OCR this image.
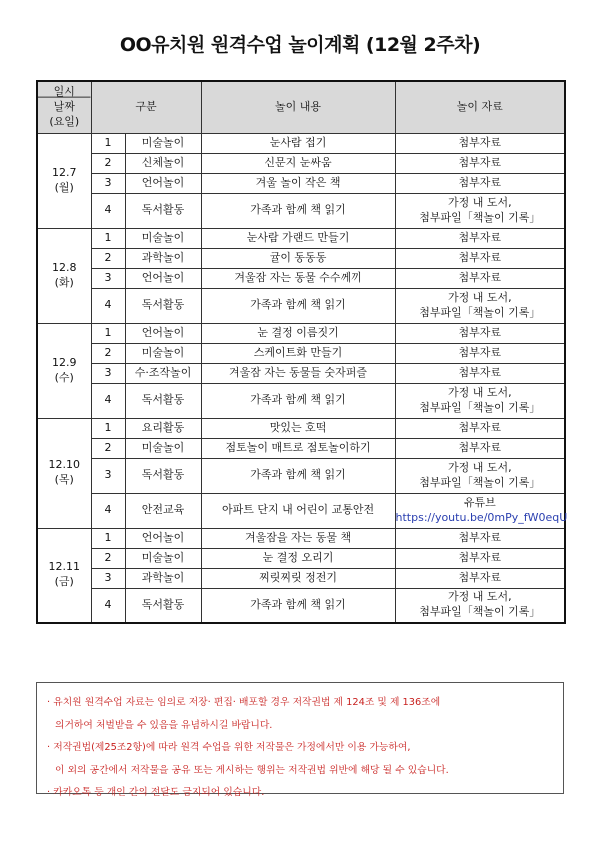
OO유치원 원격수업 놀이계획 (12월 2주차)
일시
날짜
(요일)	구분		놀이 내용	놀이 자료

12.7
(월)	1	미술놀이	눈사람 접기	첨부자료

	2	신체놀이	신문지 눈싸움	첨부자료

	3	언어놀이	겨울 놀이 작은 책	첨부자료

	4	독서활동	가족과 함께 책 읽기	가정 내 도서,
첨부파일「책놀이 기록」

12.8
(화)	1	미술놀이	눈사람 가랜드 만들기	첨부자료

	2	과학놀이	귤이 동동동	첨부자료

	3	언어놀이	겨울잠 자는 동물 수수께끼	첨부자료

	4	독서활동	가족과 함께 책 읽기	가정 내 도서,
첨부파일「책놀이 기록」

12.9
(수)	1	언어놀이	눈 결정 이름짓기	첨부자료

	2	미술놀이	스케이트화 만들기	첨부자료

	3	수·조작놀이	겨울잠 자는 동물들 숫자퍼즐	첨부자료

	4	독서활동	가족과 함께 책 읽기	가정 내 도서,
첨부파일「책놀이 기록」

12.10
(목)	1	요리활동	맛있는 호떡	첨부자료

	2	미술놀이	점토놀이 매트로 점토놀이하기	첨부자료

	3	독서활동	가족과 함께 책 읽기	가정 내 도서,
첨부파일「책놀이 기록」

	4	안전교육	아파트 단지 내 어린이 교통안전	유튜브
https://youtu.be/0mPy_fW0eqU

12.11
(금)	1	언어놀이	겨울잠을 자는 동물 책	첨부자료

	2	미술놀이	눈 결정 오리기	첨부자료

	3	과학놀이	찌릿찌릿 정전기	첨부자료

	4	독서활동	가족과 함께 책 읽기	가정 내 도서,
첨부파일「책놀이 기록」
· 유치원 원격수업 자료는 임의로 저장· 편집· 배포할 경우 저작권법 제 124조 및 제 136조에
의거하여 처벌받을 수 있음을 유념하시길 바랍니다.
· 저작권법(제25조2항)에 따라 원격 수업을 위한 저작물은 가정에서만 이용 가능하여,
이 외의 공간에서 저작물을 공유 또는 게시하는 행위는 저작권법 위반에 해당 될 수 있습니다.
· 카카오톡 등 개인 간의 전달도 금지되어 있습니다.
